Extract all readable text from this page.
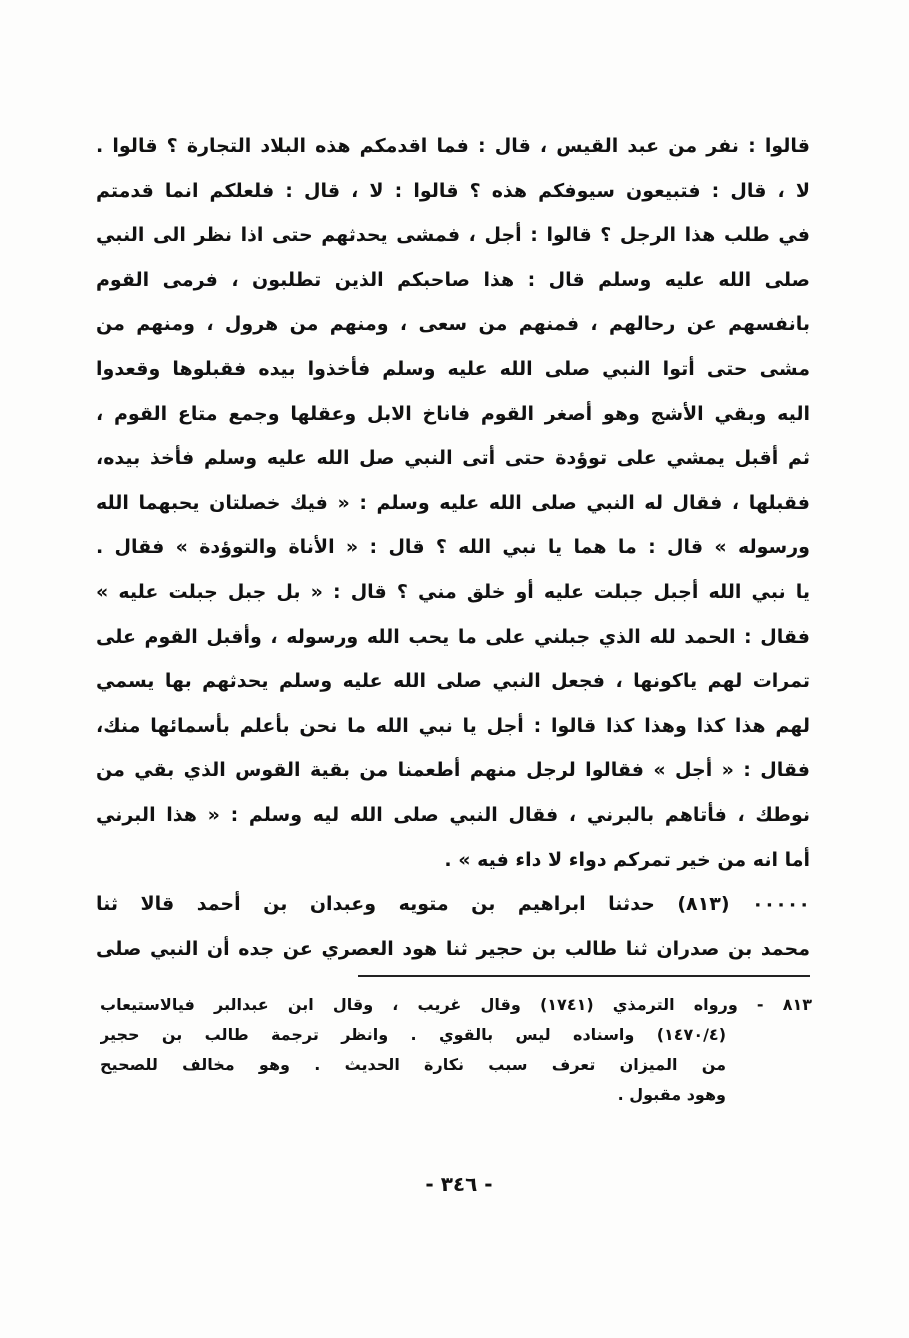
قالوا : نفر من عبد القيس ، قال : فما اقدمكم هذه البلاد التجارة ؟ قالوا .
لا ، قال : فتبيعون سيوفكم هذه ؟ قالوا : لا ، قال : فلعلكم انما قدمتم
في طلب هذا الرجل ؟ قالوا : أجل ، فمشى يحدثهم حتى اذا نظر الى النبي
صلى الله عليه وسلم قال : هذا صاحبكم الذين تطلبون ، فرمى القوم
بانفسهم عن رحالهم ، فمنهم من سعى ، ومنهم من هرول ، ومنهم من
مشى حتى أتوا النبي صلى الله عليه وسلم فأخذوا بيده فقبلوها وقعدوا
اليه وبقي الأشج وهو أصغر القوم فاناخ الابل وعقلها وجمع متاع القوم ،
ثم أقبل يمشي على توؤدة حتى أتى النبي صل الله عليه وسلم فأخذ بيده،
فقبلها ، فقال له النبي صلى الله عليه وسلم : « فيك خصلتان يحبهما الله
ورسوله » قال : ما هما يا نبي الله ؟ قال : « الأناة والتوؤدة » فقال .
يا نبي الله أجبل جبلت عليه أو خلق مني ؟ قال : « بل جبل جبلت عليه »
فقال : الحمد لله الذي جبلني على ما يحب الله ورسوله ، وأقبل القوم على
تمرات لهم ياكونها ، فجعل النبي صلى الله عليه وسلم يحدثهم بها يسمي
لهم هذا كذا وهذا كذا قالوا : أجل يا نبي الله ما نحن بأعلم بأسمائها منك،
فقال : « أجل » فقالوا لرجل منهم أطعمنا من بقية القوس الذي بقي من
نوطك ، فأتاهم بالبرني ، فقال النبي صلى الله ليه وسلم : « هذا البرني
أما انه من خير تمركم دواء لا داء فيه » .
٠٠٠٠٠ (٨١٣) حدثنا ابراهيم بن متويه وعبدان بن أحمد قالا ثنا
محمد بن صدران ثنا طالب بن حجير ثنا هود العصري عن جده أن النبي صلى
٨١٣ - ورواه الترمذي (١٧٤١) وقال غريب ، وقال ابن عبدالبر فيالاستيعاب
(١٤٧٠/٤) واسناده ليس بالقوي . وانظر ترجمة طالب بن حجير
من الميزان تعرف سبب نكارة الحديث . وهو مخالف للصحيح
وهود مقبول .
- ٣٤٦ -
